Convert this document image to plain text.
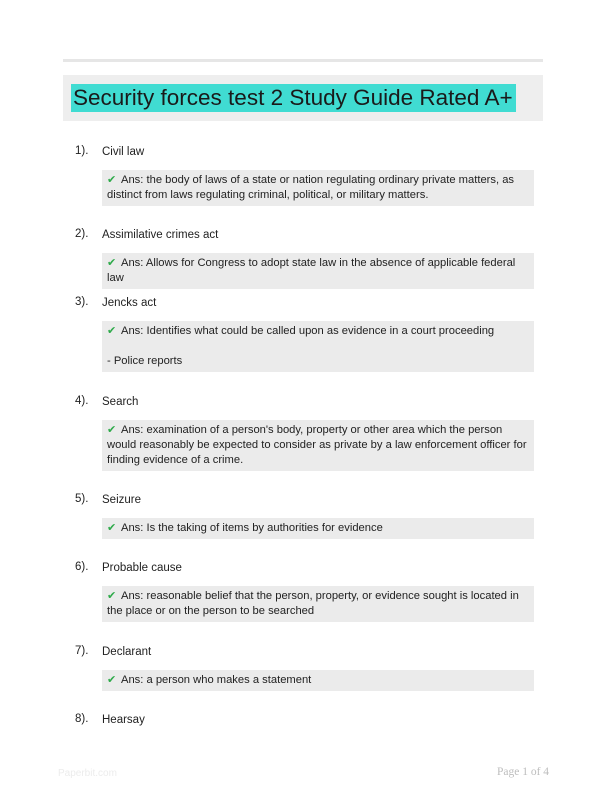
Security forces test 2 Study Guide Rated A+
1). Civil law

✔ Ans: the body of laws of a state or nation regulating ordinary private matters, as distinct from laws regulating criminal, political, or military matters.

2). Assimilative crimes act

✔ Ans: Allows for Congress to adopt state law in the absence of applicable federal law

3). Jencks act

✔ Ans: Identifies what could be called upon as evidence in a court proceeding

- Police reports

4). Search

✔ Ans: examination of a person's body, property or other area which the person would reasonably be expected to consider as private by a law enforcement officer for finding evidence of a crime.

5). Seizure

✔ Ans: Is the taking of items by authorities for evidence

6). Probable cause

✔ Ans: reasonable belief that the person, property, or evidence sought is located in the place or on the person to be searched

7). Declarant

✔ Ans: a person who makes a statement

8). Hearsay
Paperbit.com	Page 1 of 4
